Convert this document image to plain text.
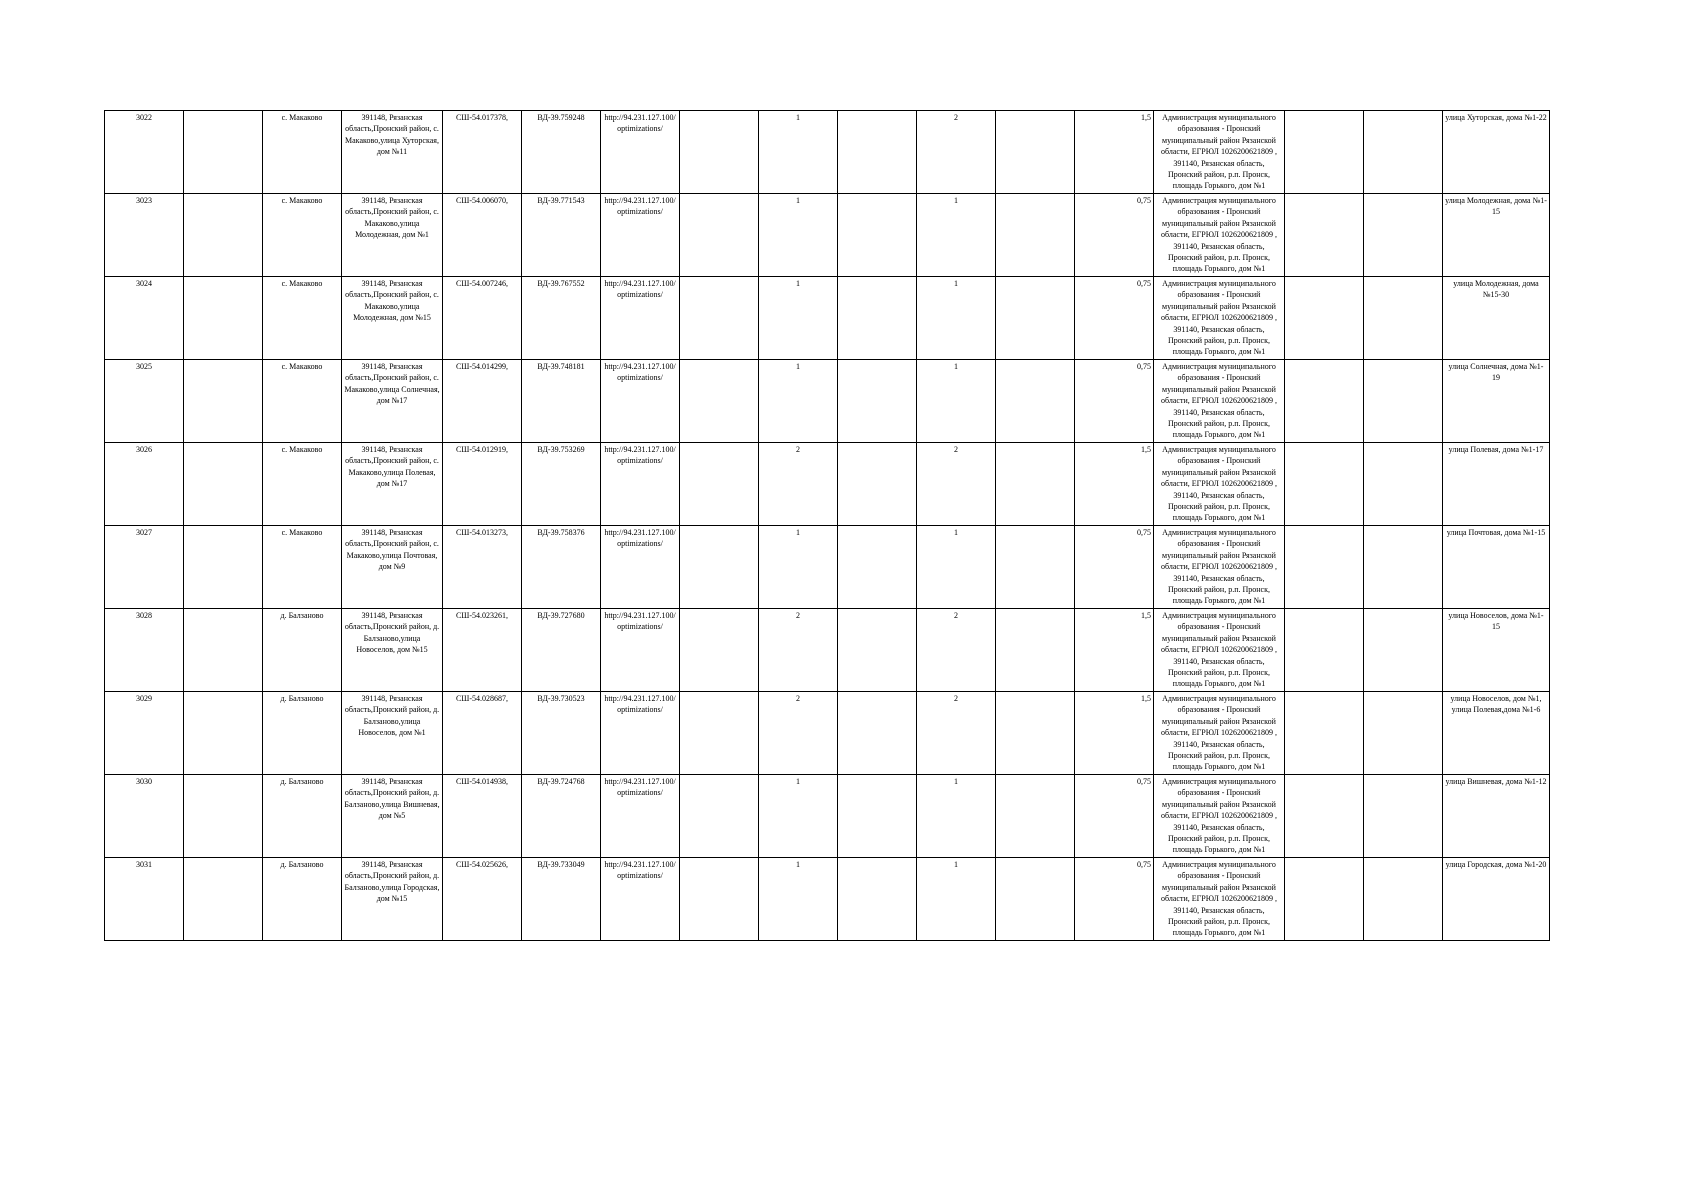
3022		с. Макаково	391148, Рязанская область,Пронский район, с. Макаково,улица Хуторская, дом №11	СШ-54.017378,	ВД-39.759248	http://94.231.127.100/optimizations/		1		2		1,5	Администрация муниципального образования - Пронский муниципальный район Рязанской области, ЕГРЮЛ 1026200621809 , 391140, Рязанская область, Пронский район, р.п. Пронск, площадь Горького, дом №1			улица Хуторская, дома №1-22
3023		с. Макаково	391148, Рязанская область,Пронский район, с. Макаково,улица Молодежная, дом №1	СШ-54.006070,	ВД-39.771543	http://94.231.127.100/optimizations/		1		1		0,75	Администрация муниципального образования - Пронский муниципальный район Рязанской области, ЕГРЮЛ 1026200621809 , 391140, Рязанская область, Пронский район, р.п. Пронск, площадь Горького, дом №1			улица Молодежная, дома №1-15
3024		с. Макаково	391148, Рязанская область,Пронский район, с. Макаково,улица Молодежная, дом №15	СШ-54.007246,	ВД-39.767552	http://94.231.127.100/optimizations/		1		1		0,75	Администрация муниципального образования - Пронский муниципальный район Рязанской области, ЕГРЮЛ 1026200621809 , 391140, Рязанская область, Пронский район, р.п. Пронск, площадь Горького, дом №1			улица Молодежная, дома №15-30
3025		с. Макаково	391148, Рязанская область,Пронский район, с. Макаково,улица Солнечная, дом №17	СШ-54.014299,	ВД-39.748181	http://94.231.127.100/optimizations/		1		1		0,75	Администрация муниципального образования - Пронский муниципальный район Рязанской области, ЕГРЮЛ 1026200621809 , 391140, Рязанская область, Пронский район, р.п. Пронск, площадь Горького, дом №1			улица Солнечная, дома №1-19
3026		с. Макаково	391148, Рязанская область,Пронский район, с. Макаково,улица Полевая, дом №17	СШ-54.012919,	ВД-39.753269	http://94.231.127.100/optimizations/		2		2		1,5	Администрация муниципального образования - Пронский муниципальный район Рязанской области, ЕГРЮЛ 1026200621809 , 391140, Рязанская область, Пронский район, р.п. Пронск, площадь Горького, дом №1			улица Полевая, дома №1-17
3027		с. Макаково	391148, Рязанская область,Пронский район, с. Макаково,улица Почтовая, дом №9	СШ-54.013273,	ВД-39.758376	http://94.231.127.100/optimizations/		1		1		0,75	Администрация муниципального образования - Пронский муниципальный район Рязанской области, ЕГРЮЛ 1026200621809 , 391140, Рязанская область, Пронский район, р.п. Пронск, площадь Горького, дом №1			улица Почтовая, дома №1-15
3028		д. Балзаново	391148, Рязанская область,Пронский район, д. Балзаново,улица Новоселов, дом №15	СШ-54.023261,	ВД-39.727680	http://94.231.127.100/optimizations/		2		2		1,5	Администрация муниципального образования - Пронский муниципальный район Рязанской области, ЕГРЮЛ 1026200621809 , 391140, Рязанская область, Пронский район, р.п. Пронск, площадь Горького, дом №1			улица Новоселов, дома №1-15
3029		д. Балзаново	391148, Рязанская область,Пронский район, д. Балзаново,улица Новоселов, дом №1	СШ-54.028687,	ВД-39.730523	http://94.231.127.100/optimizations/		2		2		1,5	Администрация муниципального образования - Пронский муниципальный район Рязанской области, ЕГРЮЛ 1026200621809 , 391140, Рязанская область, Пронский район, р.п. Пронск, площадь Горького, дом №1			улица Новоселов, дом №1, улица Полевая,дома №1-6
3030		д. Балзаново	391148, Рязанская область,Пронский район, д. Балзаново,улица Вишневая, дом №5	СШ-54.014938,	ВД-39.724768	http://94.231.127.100/optimizations/		1		1		0,75	Администрация муниципального образования - Пронский муниципальный район Рязанской области, ЕГРЮЛ 1026200621809 , 391140, Рязанская область, Пронский район, р.п. Пронск, площадь Горького, дом №1			улица Вишневая, дома №1-12
3031		д. Балзаново	391148, Рязанская область,Пронский район, д. Балзаново,улица Городская, дом №15	СШ-54.025626,	ВД-39.733049	http://94.231.127.100/optimizations/		1		1		0,75	Администрация муниципального образования - Пронский муниципальный район Рязанской области, ЕГРЮЛ 1026200621809 , 391140, Рязанская область, Пронский район, р.п. Пронск, площадь Горького, дом №1			улица Городская, дома №1-20
